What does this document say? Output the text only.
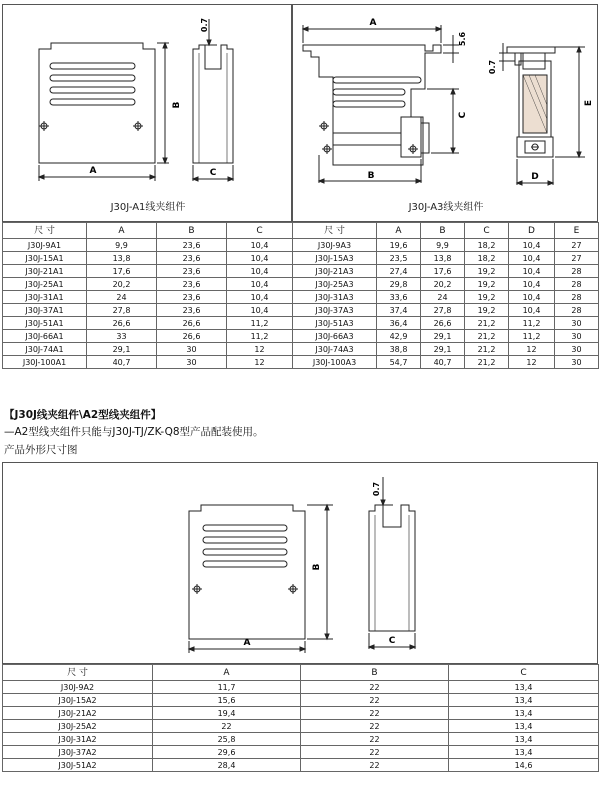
A
B
0.7
C
J30J-A1线夹组件
A
5.6
C
B
0.7
E
D
J30J-A3线夹组件
尺 寸	A	B	C
J30J-9A1	9,9	23,6	10,4
J30J-15A1	13,8	23,6	10,4
J30J-21A1	17,6	23,6	10,4
J30J-25A1	20,2	23,6	10,4
J30J-31A1	24	23,6	10,4
J30J-37A1	27,8	23,6	10,4
J30J-51A1	26,6	26,6	11,2
J30J-66A1	33	26,6	11,2
J30J-74A1	29,1	30	12
J30J-100A1	40,7	30	12
尺 寸	A	B	C	D	E
J30J-9A3	19,6	9,9	18,2	10,4	27
J30J-15A3	23,5	13,8	18,2	10,4	27
J30J-21A3	27,4	17,6	19,2	10,4	28
J30J-25A3	29,8	20,2	19,2	10,4	28
J30J-31A3	33,6	24	19,2	10,4	28
J30J-37A3	37,4	27,8	19,2	10,4	28
J30J-51A3	36,4	26,6	21,2	11,2	30
J30J-66A3	42,9	29,1	21,2	11,2	30
J30J-74A3	38,8	29,1	21,2	12	30
J30J-100A3	54,7	40,7	21,2	12	30
【J30J线夹组件\A2型线夹组件】
—A2型线夹组件只能与J30J-TJ/ZK-Q8型产品配装使用。
产品外形尺寸图
A
B
0.7
C
尺 寸	A	B	C
J30J-9A2	11,7	22	13,4
J30J-15A2	15,6	22	13,4
J30J-21A2	19,4	22	13,4
J30J-25A2	22	22	13,4
J30J-31A2	25,8	22	13,4
J30J-37A2	29,6	22	13,4
J30J-51A2	28,4	22	14,6
